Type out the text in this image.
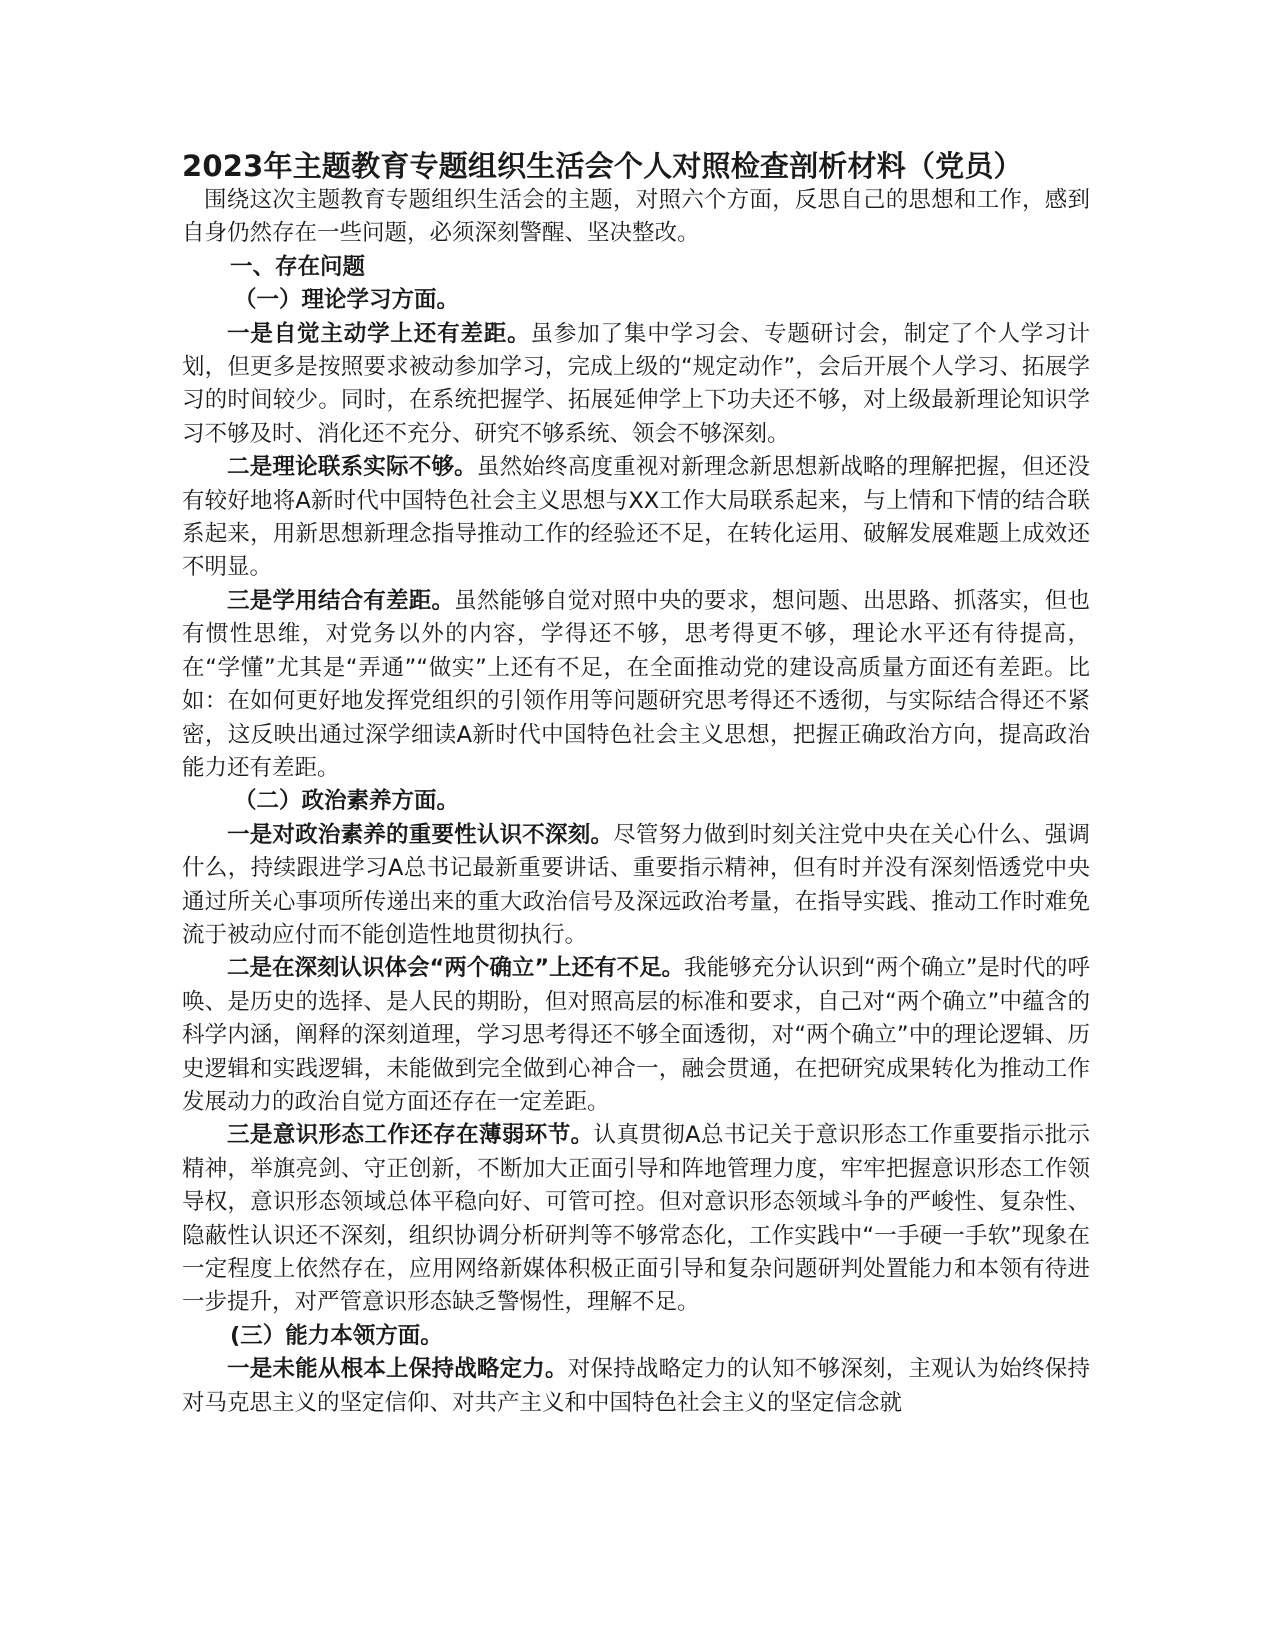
2023年主题教育专题组织生活会个人对照检查剖析材料（党员）

围绕这次主题教育专题组织生活会的主题，对照六个方面，反思自己的思想和工作，感到自身仍然存在一些问题，必须深刻警醒、坚决整改。

一、存在问题

（一）理论学习方面。

一是自觉主动学上还有差距。虽参加了集中学习会、专题研讨会，制定了个人学习计划，但更多是按照要求被动参加学习，完成上级的“规定动作”，会后开展个人学习、拓展学习的时间较少。同时，在系统把握学、拓展延伸学上下功夫还不够，对上级最新理论知识学习不够及时、消化还不充分、研究不够系统、领会不够深刻。

二是理论联系实际不够。虽然始终高度重视对新理念新思想新战略的理解把握，但还没有较好地将A新时代中国特色社会主义思想与XX工作大局联系起来，与上情和下情的结合联系起来，用新思想新理念指导推动工作的经验还不足，在转化运用、破解发展难题上成效还不明显。

三是学用结合有差距。虽然能够自觉对照中央的要求，想问题、出思路、抓落实，但也有惯性思维，对党务以外的内容，学得还不够，思考得更不够，理论水平还有待提高，在“学懂”尤其是“弄通”“做实”上还有不足，在全面推动党的建设高质量方面还有差距。比如：在如何更好地发挥党组织的引领作用等问题研究思考得还不透彻，与实际结合得还不紧密，这反映出通过深学细读A新时代中国特色社会主义思想，把握正确政治方向，提高政治能力还有差距。

（二）政治素养方面。

一是对政治素养的重要性认识不深刻。尽管努力做到时刻关注党中央在关心什么、强调什么，持续跟进学习A总书记最新重要讲话、重要指示精神，但有时并没有深刻悟透党中央通过所关心事项所传递出来的重大政治信号及深远政治考量，在指导实践、推动工作时难免流于被动应付而不能创造性地贯彻执行。

二是在深刻认识体会“两个确立”上还有不足。我能够充分认识到“两个确立”是时代的呼唤、是历史的选择、是人民的期盼，但对照高层的标准和要求，自己对“两个确立”中蕴含的科学内涵，阐释的深刻道理，学习思考得还不够全面透彻，对“两个确立”中的理论逻辑、历史逻辑和实践逻辑，未能做到完全做到心神合一，融会贯通，在把研究成果转化为推动工作发展动力的政治自觉方面还存在一定差距。

三是意识形态工作还存在薄弱环节。认真贯彻A总书记关于意识形态工作重要指示批示精神，举旗亮剑、守正创新，不断加大正面引导和阵地管理力度，牢牢把握意识形态工作领导权，意识形态领域总体平稳向好、可管可控。但对意识形态领域斗争的严峻性、复杂性、隐蔽性认识还不深刻，组织协调分析研判等不够常态化，工作实践中“一手硬一手软”现象在一定程度上依然存在，应用网络新媒体积极正面引导和复杂问题研判处置能力和本领有待进一步提升，对严管意识形态缺乏警惕性，理解不足。

(三）能力本领方面。

一是未能从根本上保持战略定力。对保持战略定力的认知不够深刻，主观认为始终保持对马克思主义的坚定信仰、对共产主义和中国特色社会主义的坚定信念就
